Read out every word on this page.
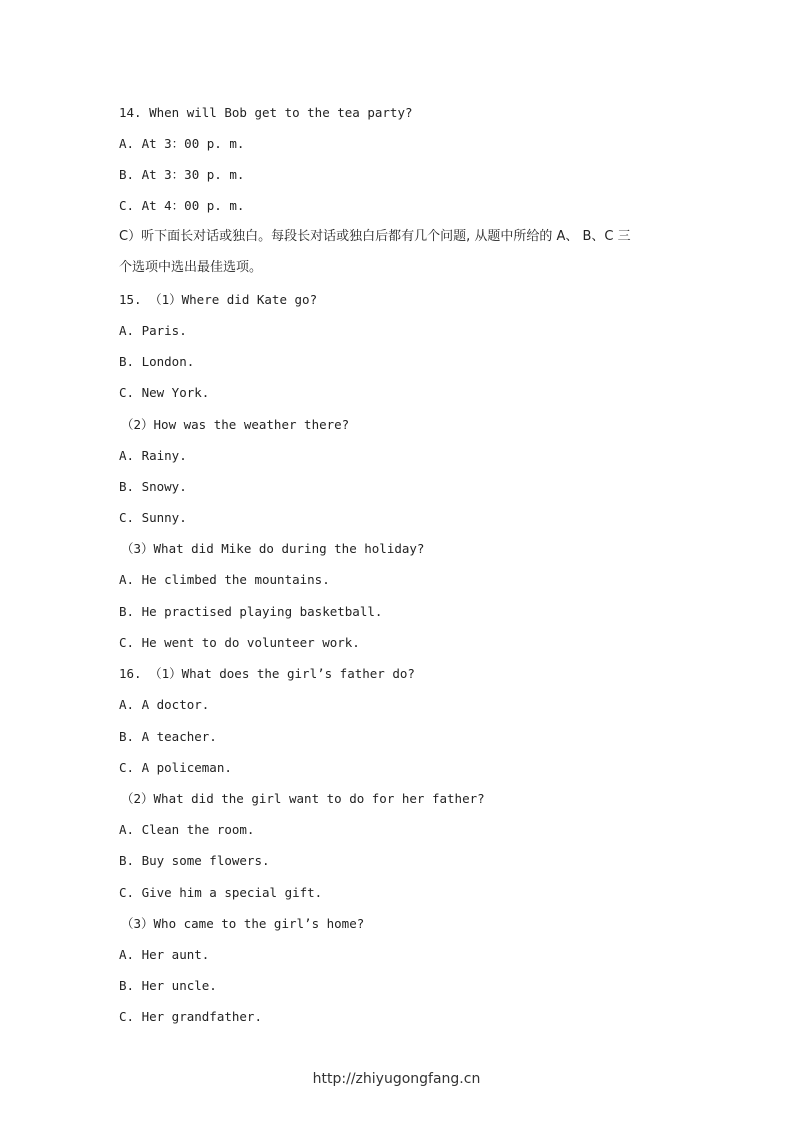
14. When will Bob get to the tea party?
A. At 3：00 p. m.
B. At 3：30 p. m.
C. At 4：00 p. m.
C）听下面长对话或独白。每段长对话或独白后都有几个问题, 从题中所给的 A、 B、C 三
个选项中选出最佳选项。
15. （1）Where did Kate go?
A. Paris.
B. London.
C. New York.
（2）How was the weather there?
A. Rainy.
B. Snowy.
C. Sunny.
（3）What did Mike do during the holiday?
A. He climbed the mountains.
B. He practised playing basketball.
C. He went to do volunteer work.
16. （1）What does the girl’s father do?
A. A doctor.
B. A teacher.
C. A policeman.
（2）What did the girl want to do for her father?
A. Clean the room.
B. Buy some flowers.
C. Give him a special gift.
（3）Who came to the girl’s home?
A. Her aunt.
B. Her uncle.
C. Her grandfather.
http://zhiyugongfang.cn
